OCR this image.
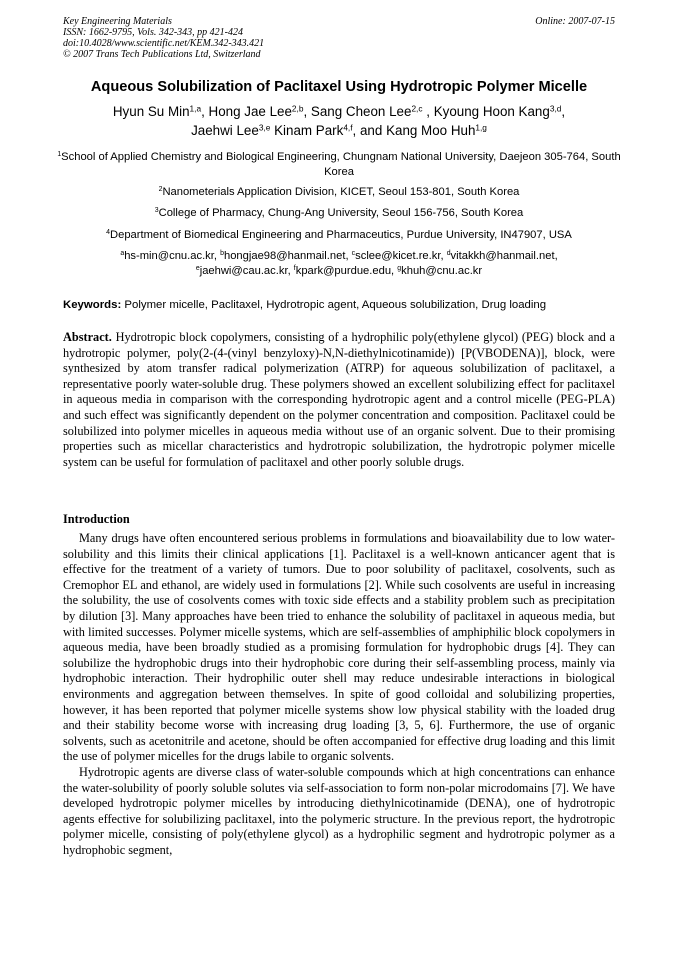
Key Engineering Materials
ISSN: 1662-9795, Vols. 342-343, pp 421-424
doi:10.4028/www.scientific.net/KEM.342-343.421
© 2007 Trans Tech Publications Ltd, Switzerland
Online: 2007-07-15
Aqueous Solubilization of Paclitaxel Using Hydrotropic Polymer Micelle
Hyun Su Min$^{1,a}$, Hong Jae Lee$^{2,b}$, Sang Cheon Lee$^{2,c}$ , Kyoung Hoon Kang$^{3,d}$,
Jaehwi Lee$^{3,e}$ Kinam Park$^{4,f}$, and Kang Moo Huh$^{1,g}$
$^1$School of Applied Chemistry and Biological Engineering, Chungnam National University, Daejeon 305-764, South Korea
$^2$Nanometerials Application Division, KICET, Seoul 153-801, South Korea
$^3$College of Pharmacy, Chung-Ang University, Seoul 156-756, South Korea
$^4$Department of Biomedical Engineering and Pharmaceutics, Purdue University, IN47907, USA
$^a$hs-min@cnu.ac.kr, $^b$hongjae98@hanmail.net, $^c$sclee@kicet.re.kr, $^d$vitakkh@hanmail.net,
$^e$jaehwi@cau.ac.kr, $^f$kpark@purdue.edu, $^g$khuh@cnu.ac.kr
Keywords: Polymer micelle, Paclitaxel, Hydrotropic agent, Aqueous solubilization, Drug loading
Abstract. Hydrotropic block copolymers, consisting of a hydrophilic poly(ethylene glycol) (PEG) block and a hydrotropic polymer, poly(2-(4-(vinyl benzyloxy)-N,N-diethylnicotinamide)) [P(VBODENA)], block, were synthesized by atom transfer radical polymerization (ATRP) for aqueous solubilization of paclitaxel, a representative poorly water-soluble drug. These polymers showed an excellent solubilizing effect for paclitaxel in aqueous media in comparison with the corresponding hydrotropic agent and a control micelle (PEG-PLA) and such effect was significantly dependent on the polymer concentration and composition. Paclitaxel could be solubilized into polymer micelles in aqueous media without use of an organic solvent. Due to their promising properties such as micellar characteristics and hydrotropic solubilization, the hydrotropic polymer micelle system can be useful for formulation of paclitaxel and other poorly soluble drugs.
Introduction

Many drugs have often encountered serious problems in formulations and bioavailability due to low water-solubility and this limits their clinical applications [1]. Paclitaxel is a well-known anticancer agent that is effective for the treatment of a variety of tumors. Due to poor solubility of paclitaxel, cosolvents, such as Cremophor EL and ethanol, are widely used in formulations [2]. While such cosolvents are useful in increasing the solubility, the use of cosolvents comes with toxic side effects and a stability problem such as precipitation by dilution [3]. Many approaches have been tried to enhance the solubility of paclitaxel in aqueous media, but with limited successes. Polymer micelle systems, which are self-assemblies of amphiphilic block copolymers in aqueous media, have been broadly studied as a promising formulation for hydrophobic drugs [4]. They can solubilize the hydrophobic drugs into their hydrophobic core during their self-assembling process, mainly via hydrophobic interaction. Their hydrophilic outer shell may reduce undesirable interactions in biological environments and aggregation between themselves. In spite of good colloidal and solubilizing properties, however, it has been reported that polymer micelle systems show low physical stability with the loaded drug and their stability become worse with increasing drug loading [3, 5, 6]. Furthermore, the use of organic solvents, such as acetonitrile and acetone, should be often accompanied for effective drug loading and this limit the use of polymer micelles for the drugs labile to organic solvents.

Hydrotropic agents are diverse class of water-soluble compounds which at high concentrations can enhance the water-solubility of poorly soluble solutes via self-association to form non-polar microdomains [7]. We have developed hydrotropic polymer micelles by introducing diethylnicotinamide (DENA), one of hydrotropic agents effective for solubilizing paclitaxel, into the polymeric structure. In the previous report, the hydrotropic polymer micelle, consisting of poly(ethylene glycol) as a hydrophilic segment and hydrotropic polymer as a hydrophobic segment,
